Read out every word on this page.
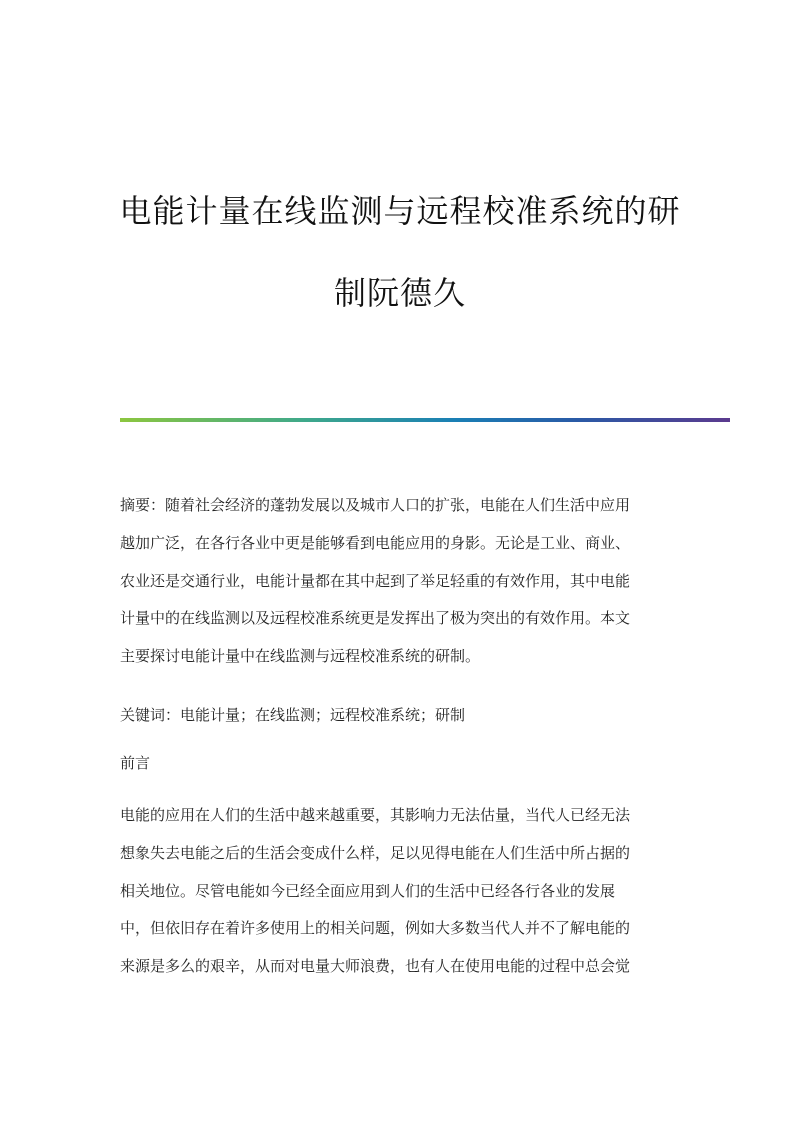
电能计量在线监测与远程校准系统的研
制阮德久

摘要：随着社会经济的蓬勃发展以及城市人口的扩张，电能在人们生活中应用
越加广泛，在各行各业中更是能够看到电能应用的身影。无论是工业、商业、
农业还是交通行业，电能计量都在其中起到了举足轻重的有效作用，其中电能
计量中的在线监测以及远程校准系统更是发挥出了极为突出的有效作用。本文
主要探讨电能计量中在线监测与远程校准系统的研制。

关键词：电能计量；在线监测；远程校准系统；研制
前言

电能的应用在人们的生活中越来越重要，其影响力无法估量，当代人已经无法
想象失去电能之后的生活会变成什么样，足以见得电能在人们生活中所占据的
相关地位。尽管电能如今已经全面应用到人们的生活中已经各行各业的发展
中，但依旧存在着许多使用上的相关问题，例如大多数当代人并不了解电能的
来源是多么的艰辛，从而对电量大师浪费，也有人在使用电能的过程中总会觉
